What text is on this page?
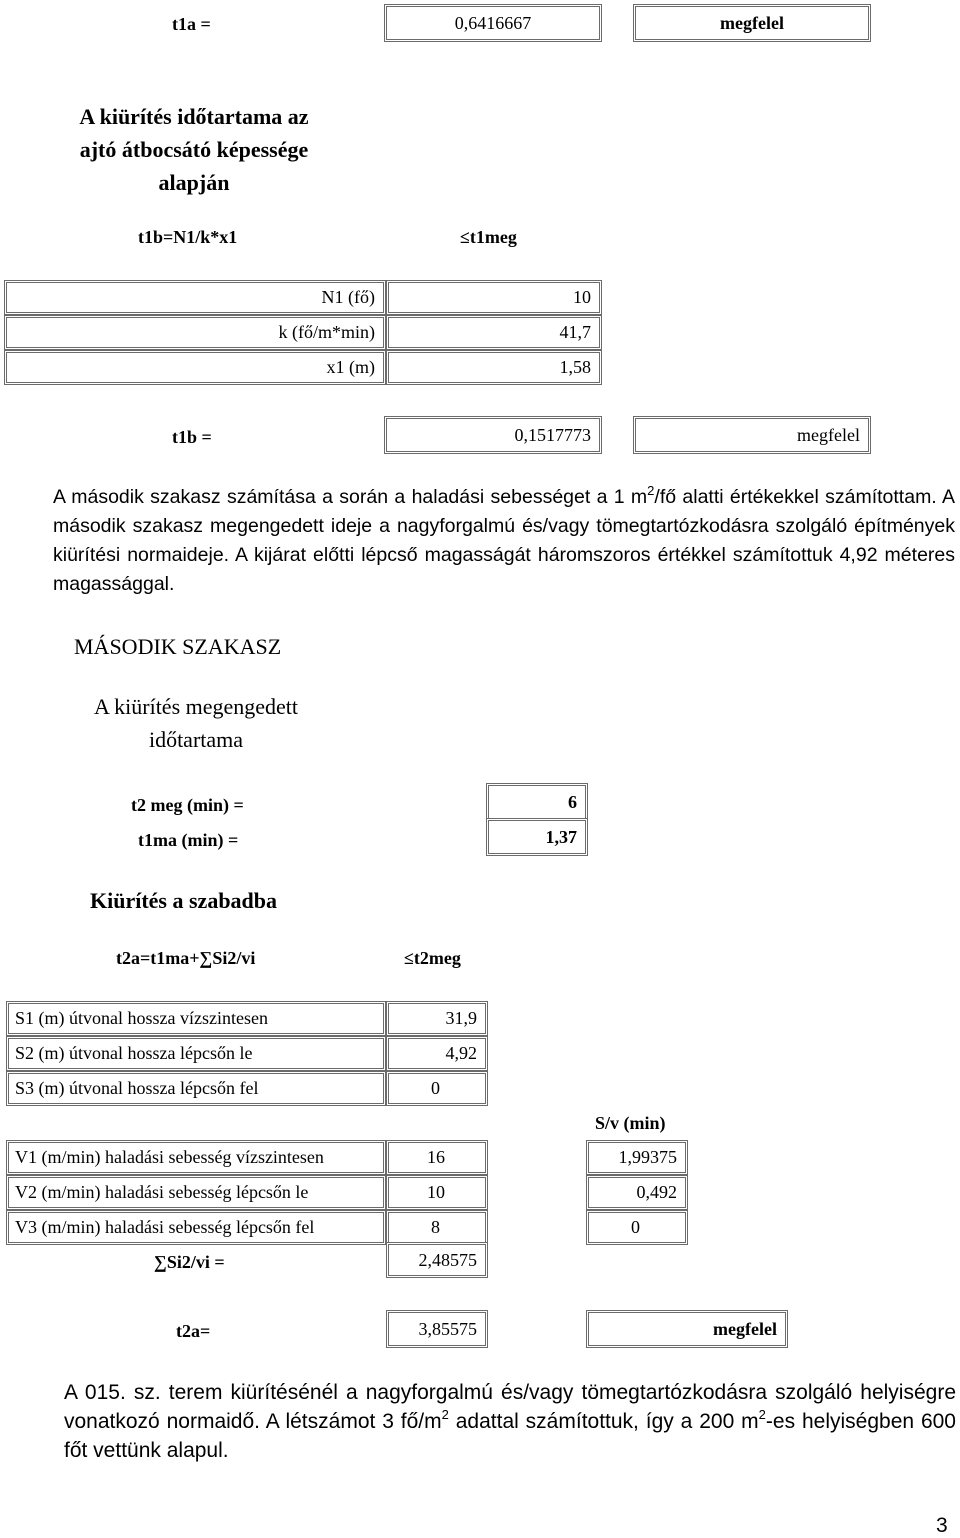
t1a =	0,6416667	megfelel
A kiürítés időtartama az
ajtó átbocsátó képessége
alapján
t1b=N1/k*x1	≤t1meg
N1 (fő)	10
k (fő/m*min)	41,7
x1 (m)	1,58
t1b =	0,1517773	megfelel
A második szakasz számítása a során a haladási sebességet a 1 $m^2/fő$ alatti értékekkel számítottam. A második szakasz megengedett ideje a nagyforgalmú és/vagy tömegtartózkodásra szolgáló építmények kiürítési normaideje. A kijárat előtti lépcső magasságát háromszoros értékkel számítottuk 4,92 méteres magassággal.
MÁSODIK SZAKASZ
A kiürítés megengedett
időtartama
t2 meg (min) =	6
t1ma (min) =	1,37
Kiürítés a szabadba
t2a=t1ma+∑Si2/vi	≤t2meg
S1 (m) útvonal hossza vízszintesen	31,9
S2 (m) útvonal hossza lépcsőn le	4,92
S3 (m) útvonal hossza lépcsőn fel	0
S/v (min)
V1 (m/min) haladási sebesség vízszintesen	16	1,99375
V2 (m/min) haladási sebesség lépcsőn le	10	0,492
V3 (m/min) haladási sebesség lépcsőn fel	8	0
∑Si2/vi =	2,48575
t2a=	3,85575	megfelel
A 015. sz. terem kiürítésénél a nagyforgalmú és/vagy tömegtartózkodásra szolgáló helyiségre vonatkozó normaidő. A létszámot 3 $fő/m^2$ adattal számítottuk, így a 200 $m^2-es$ helyiségben 600 főt vettünk alapul.
3
